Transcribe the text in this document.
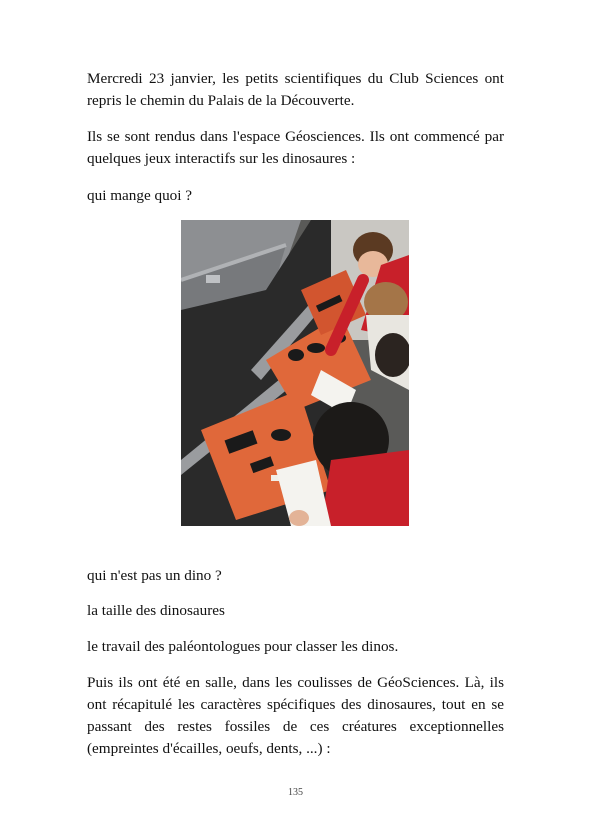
Mercredi 23 janvier, les petits scientifiques du Club Sciences ont repris le chemin du Palais de la Découverte.

Ils se sont rendus dans l'espace Géosciences. Ils ont commencé par quelques jeux interactifs sur les dinosaures :

qui mange quoi ?

qui n'est pas un dino ?

la taille des dinosaures

le travail des paléontologues pour classer les dinos.

Puis ils ont été en salle, dans les coulisses de GéoSciences. Là, ils ont récapitulé les caractères spécifiques des dinosaures, tout en se passant des restes fossiles de ces créatures exceptionnelles (empreintes d'écailles, oeufs, dents, ...) :

135
